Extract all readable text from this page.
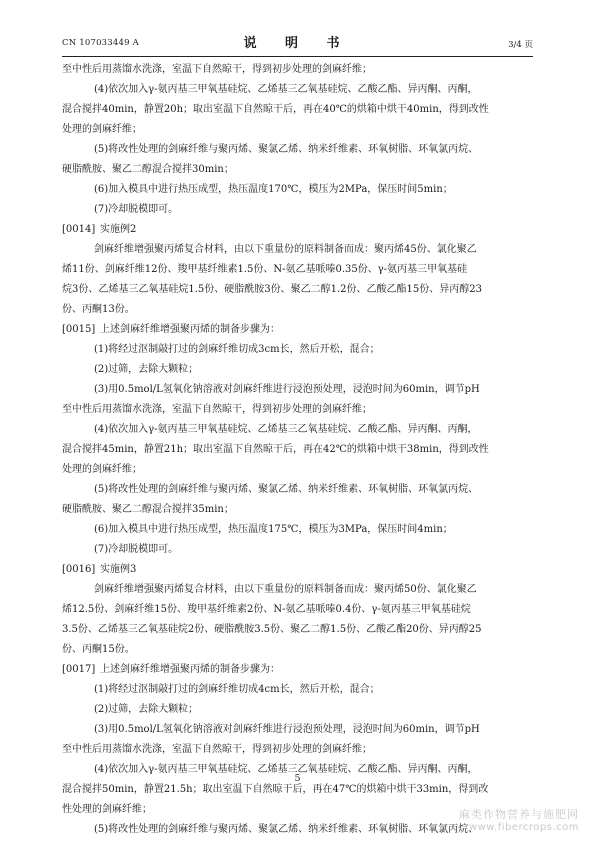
CN 107033449 A	说 明 书	3/4 页
至中性后用蒸馏水洗涤，室温下自然晾干，得到初步处理的剑麻纤维；
(4)依次加入γ-氨丙基三甲氧基硅烷、乙烯基三乙氧基硅烷、乙酸乙酯、异丙酮、丙酮，
混合搅拌40min，静置20h；取出室温下自然晾干后，再在40℃的烘箱中烘干40min，得到改性
处理的剑麻纤维；
(5)将改性处理的剑麻纤维与聚丙烯、聚氯乙烯、纳米纤维素、环氧树脂、环氧氯丙烷、
硬脂酰胺、聚乙二醇混合搅拌30min；
(6)加入模具中进行热压成型，热压温度170℃，模压为2MPa，保压时间5min；
(7)冷却脱模即可。
[0014] 实施例2
剑麻纤维增强聚丙烯复合材料，由以下重量份的原料制备而成：聚丙烯45份、氯化聚乙
烯11份、剑麻纤维12份、羧甲基纤维素1.5份、N-氨乙基哌嗪0.35份、γ-氨丙基三甲氧基硅
烷3份、乙烯基三乙氧基硅烷1.5份、硬脂酰胺3份、聚乙二醇1.2份、乙酸乙酯15份、异丙醇23
份、丙酮13份。
[0015] 上述剑麻纤维增强聚丙烯的制备步骤为：
(1)将经过沤制敲打过的剑麻纤维切成3cm长，然后开松，混合；
(2)过筛，去除大颗粒；
(3)用0.5mol/L氢氧化钠溶液对剑麻纤维进行浸泡预处理，浸泡时间为60min，调节pH
至中性后用蒸馏水洗涤，室温下自然晾干，得到初步处理的剑麻纤维；
(4)依次加入γ-氨丙基三甲氧基硅烷、乙烯基三乙氧基硅烷、乙酸乙酯、异丙酮、丙酮，
混合搅拌45min，静置21h；取出室温下自然晾干后，再在42℃的烘箱中烘干38min，得到改性
处理的剑麻纤维；
(5)将改性处理的剑麻纤维与聚丙烯、聚氯乙烯、纳米纤维素、环氧树脂、环氧氯丙烷、
硬脂酰胺、聚乙二醇混合搅拌35min；
(6)加入模具中进行热压成型，热压温度175℃，模压为3MPa，保压时间4min；
(7)冷却脱模即可。
[0016] 实施例3
剑麻纤维增强聚丙烯复合材料，由以下重量份的原料制备而成：聚丙烯50份、氯化聚乙
烯12.5份、剑麻纤维15份、羧甲基纤维素2份、N-氨乙基哌嗪0.4份、γ-氨丙基三甲氧基硅烷
3.5份、乙烯基三乙氧基硅烷2份、硬脂酰胺3.5份、聚乙二醇1.5份、乙酸乙酯20份、异丙醇25
份、丙酮15份。
[0017] 上述剑麻纤维增强聚丙烯的制备步骤为：
(1)将经过沤制敲打过的剑麻纤维切成4cm长，然后开松，混合；
(2)过筛，去除大颗粒；
(3)用0.5mol/L氢氧化钠溶液对剑麻纤维进行浸泡预处理，浸泡时间为60min，调节pH
至中性后用蒸馏水洗涤，室温下自然晾干，得到初步处理的剑麻纤维；
(4)依次加入γ-氨丙基三甲氧基硅烷、乙烯基三乙氧基硅烷、乙酸乙酯、异丙酮、丙酮，
混合搅拌50min，静置21.5h；取出室温下自然晾干后，再在47℃的烘箱中烘干33min，得到改
性处理的剑麻纤维；
(5)将改性处理的剑麻纤维与聚丙烯、聚氯乙烯、纳米纤维素、环氧树脂、环氧氯丙烷、
5
麻类作物营养与施肥网
www.fibercrops.com
